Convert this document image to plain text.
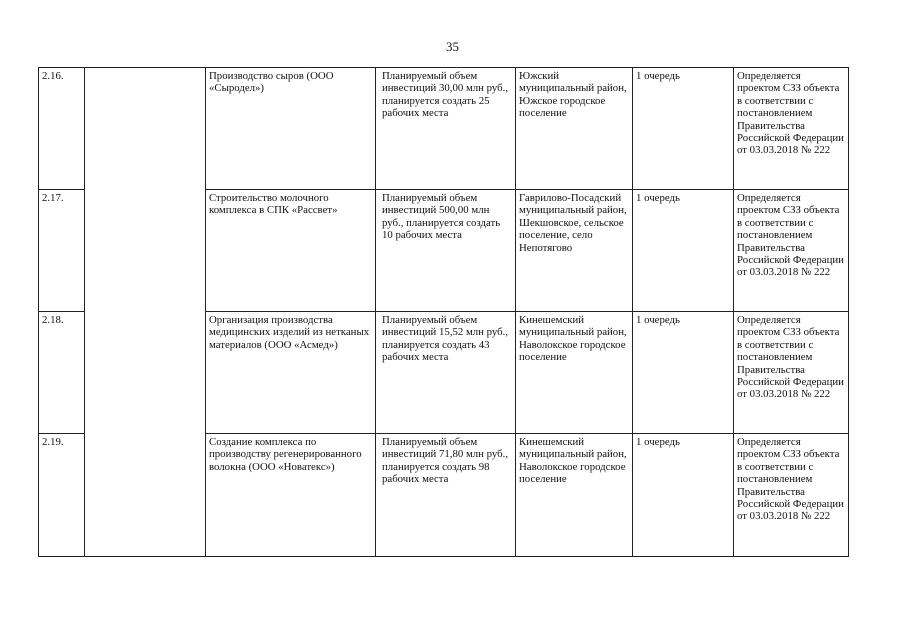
35
2.16.		Производство сыров (ООО «Сыродел»)	Планируемый объем инвестиций 30,00 млн руб., планируется создать 25 рабочих места	Южский муниципальный район, Южское городское поселение	1 очередь	Определяется проектом СЗЗ объекта в соответствии с постановлением Правительства Российской Федерации от 03.03.2018 № 222
2.17.		Строительство молочного комплекса в СПК «Рассвет»	Планируемый объем инвестиций 500,00 млн руб., планируется создать 10 рабочих места	Гаврилово-Посадский муниципальный район, Шекшовское, сельское поселение, село Непотягово	1 очередь	Определяется проектом СЗЗ объекта в соответствии с постановлением Правительства Российской Федерации от 03.03.2018 № 222
2.18.		Организация производства медицинских изделий из нетканых материалов (ООО «Асмед»)	Планируемый объем инвестиций 15,52 млн руб., планируется создать 43 рабочих места	Кинешемский муниципальный район, Наволокское городское поселение	1 очередь	Определяется проектом СЗЗ объекта в соответствии с постановлением Правительства Российской Федерации от 03.03.2018 № 222
2.19.		Создание комплекса по производству регенерированного волокна (ООО «Новатекс»)	Планируемый объем инвестиций 71,80 млн руб., планируется создать 98 рабочих места	Кинешемский муниципальный район, Наволокское городское поселение	1 очередь	Определяется проектом СЗЗ объекта в соответствии с постановлением Правительства Российской Федерации от 03.03.2018 № 222
